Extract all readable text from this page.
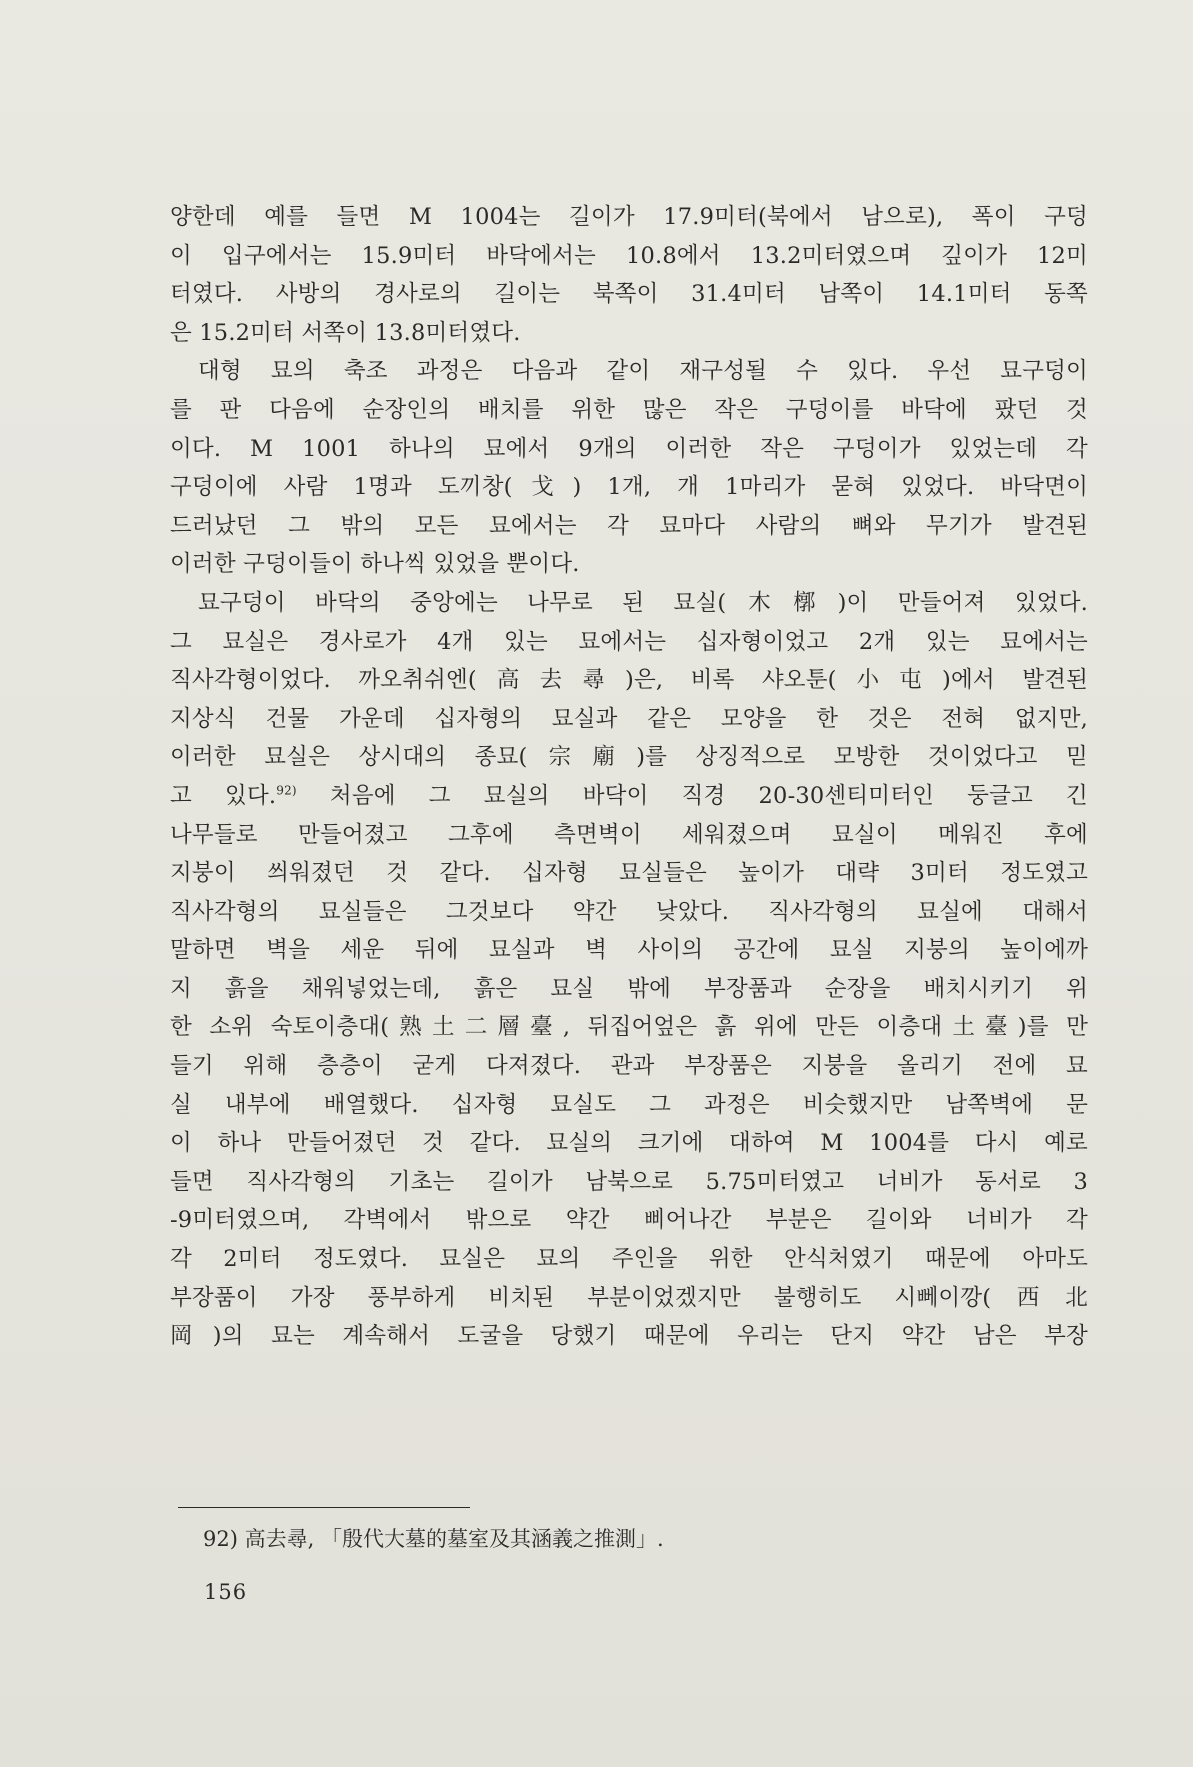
양한데 예를 들면 M 1004는 길이가 17.9미터(북에서 남으로), 폭이 구덩
이 입구에서는 15.9미터 바닥에서는 10.8에서 13.2미터였으며 깊이가 12미
터였다. 사방의 경사로의 길이는 북쪽이 31.4미터 남쪽이 14.1미터 동쪽
은 15.2미터 서쪽이 13.8미터였다.
대형 묘의 축조 과정은 다음과 같이 재구성될 수 있다. 우선 묘구덩이
를 판 다음에 순장인의 배치를 위한 많은 작은 구덩이를 바닥에 팠던 것
이다. M 1001 하나의 묘에서 9개의 이러한 작은 구덩이가 있었는데 각
구덩이에 사람 1명과 도끼창(戈) 1개, 개 1마리가 묻혀 있었다. 바닥면이
드러났던 그 밖의 모든 묘에서는 각 묘마다 사람의 뼈와 무기가 발견된
이러한 구덩이들이 하나씩 있었을 뿐이다.
묘구덩이 바닥의 중앙에는 나무로 된 묘실(木槨)이 만들어져 있었다.
그 묘실은 경사로가 4개 있는 묘에서는 십자형이었고 2개 있는 묘에서는
직사각형이었다. 까오취쉬엔(高去尋)은, 비록 샤오툰(小屯)에서 발견된
지상식 건물 가운데 십자형의 묘실과 같은 모양을 한 것은 전혀 없지만,
이러한 묘실은 상시대의 종묘(宗廟)를 상징적으로 모방한 것이었다고 믿
고 있다.$^{92)}$ 처음에 그 묘실의 바닥이 직경 20-30센티미터인 둥글고 긴
나무들로 만들어졌고 그후에 측면벽이 세워졌으며 묘실이 메워진 후에
지붕이 씌워졌던 것 같다. 십자형 묘실들은 높이가 대략 3미터 정도였고
직사각형의 묘실들은 그것보다 약간 낮았다. 직사각형의 묘실에 대해서
말하면 벽을 세운 뒤에 묘실과 벽 사이의 공간에 묘실 지붕의 높이에까
지 흙을 채워넣었는데, 흙은 묘실 밖에 부장품과 순장을 배치시키기 위
한 소위 숙토이층대(熟土二層臺, 뒤집어엎은 흙 위에 만든 이층대土臺)를 만
들기 위해 층층이 굳게 다져졌다. 관과 부장품은 지붕을 올리기 전에 묘
실 내부에 배열했다. 십자형 묘실도 그 과정은 비슷했지만 남쪽벽에 문
이 하나 만들어졌던 것 같다. 묘실의 크기에 대하여 M 1004를 다시 예로
들면 직사각형의 기초는 길이가 남북으로 5.75미터였고 너비가 동서로 3
-9미터였으며, 각벽에서 밖으로 약간 삐어나간 부분은 길이와 너비가 각
각 2미터 정도였다. 묘실은 묘의 주인을 위한 안식처였기 때문에 아마도
부장품이 가장 풍부하게 비치된 부분이었겠지만 불행히도 시뻬이깡(西北
岡)의 묘는 계속해서 도굴을 당했기 때문에 우리는 단지 약간 남은 부장
92) 高去尋, 「殷代大墓的墓室及其涵義之推測」.
156
